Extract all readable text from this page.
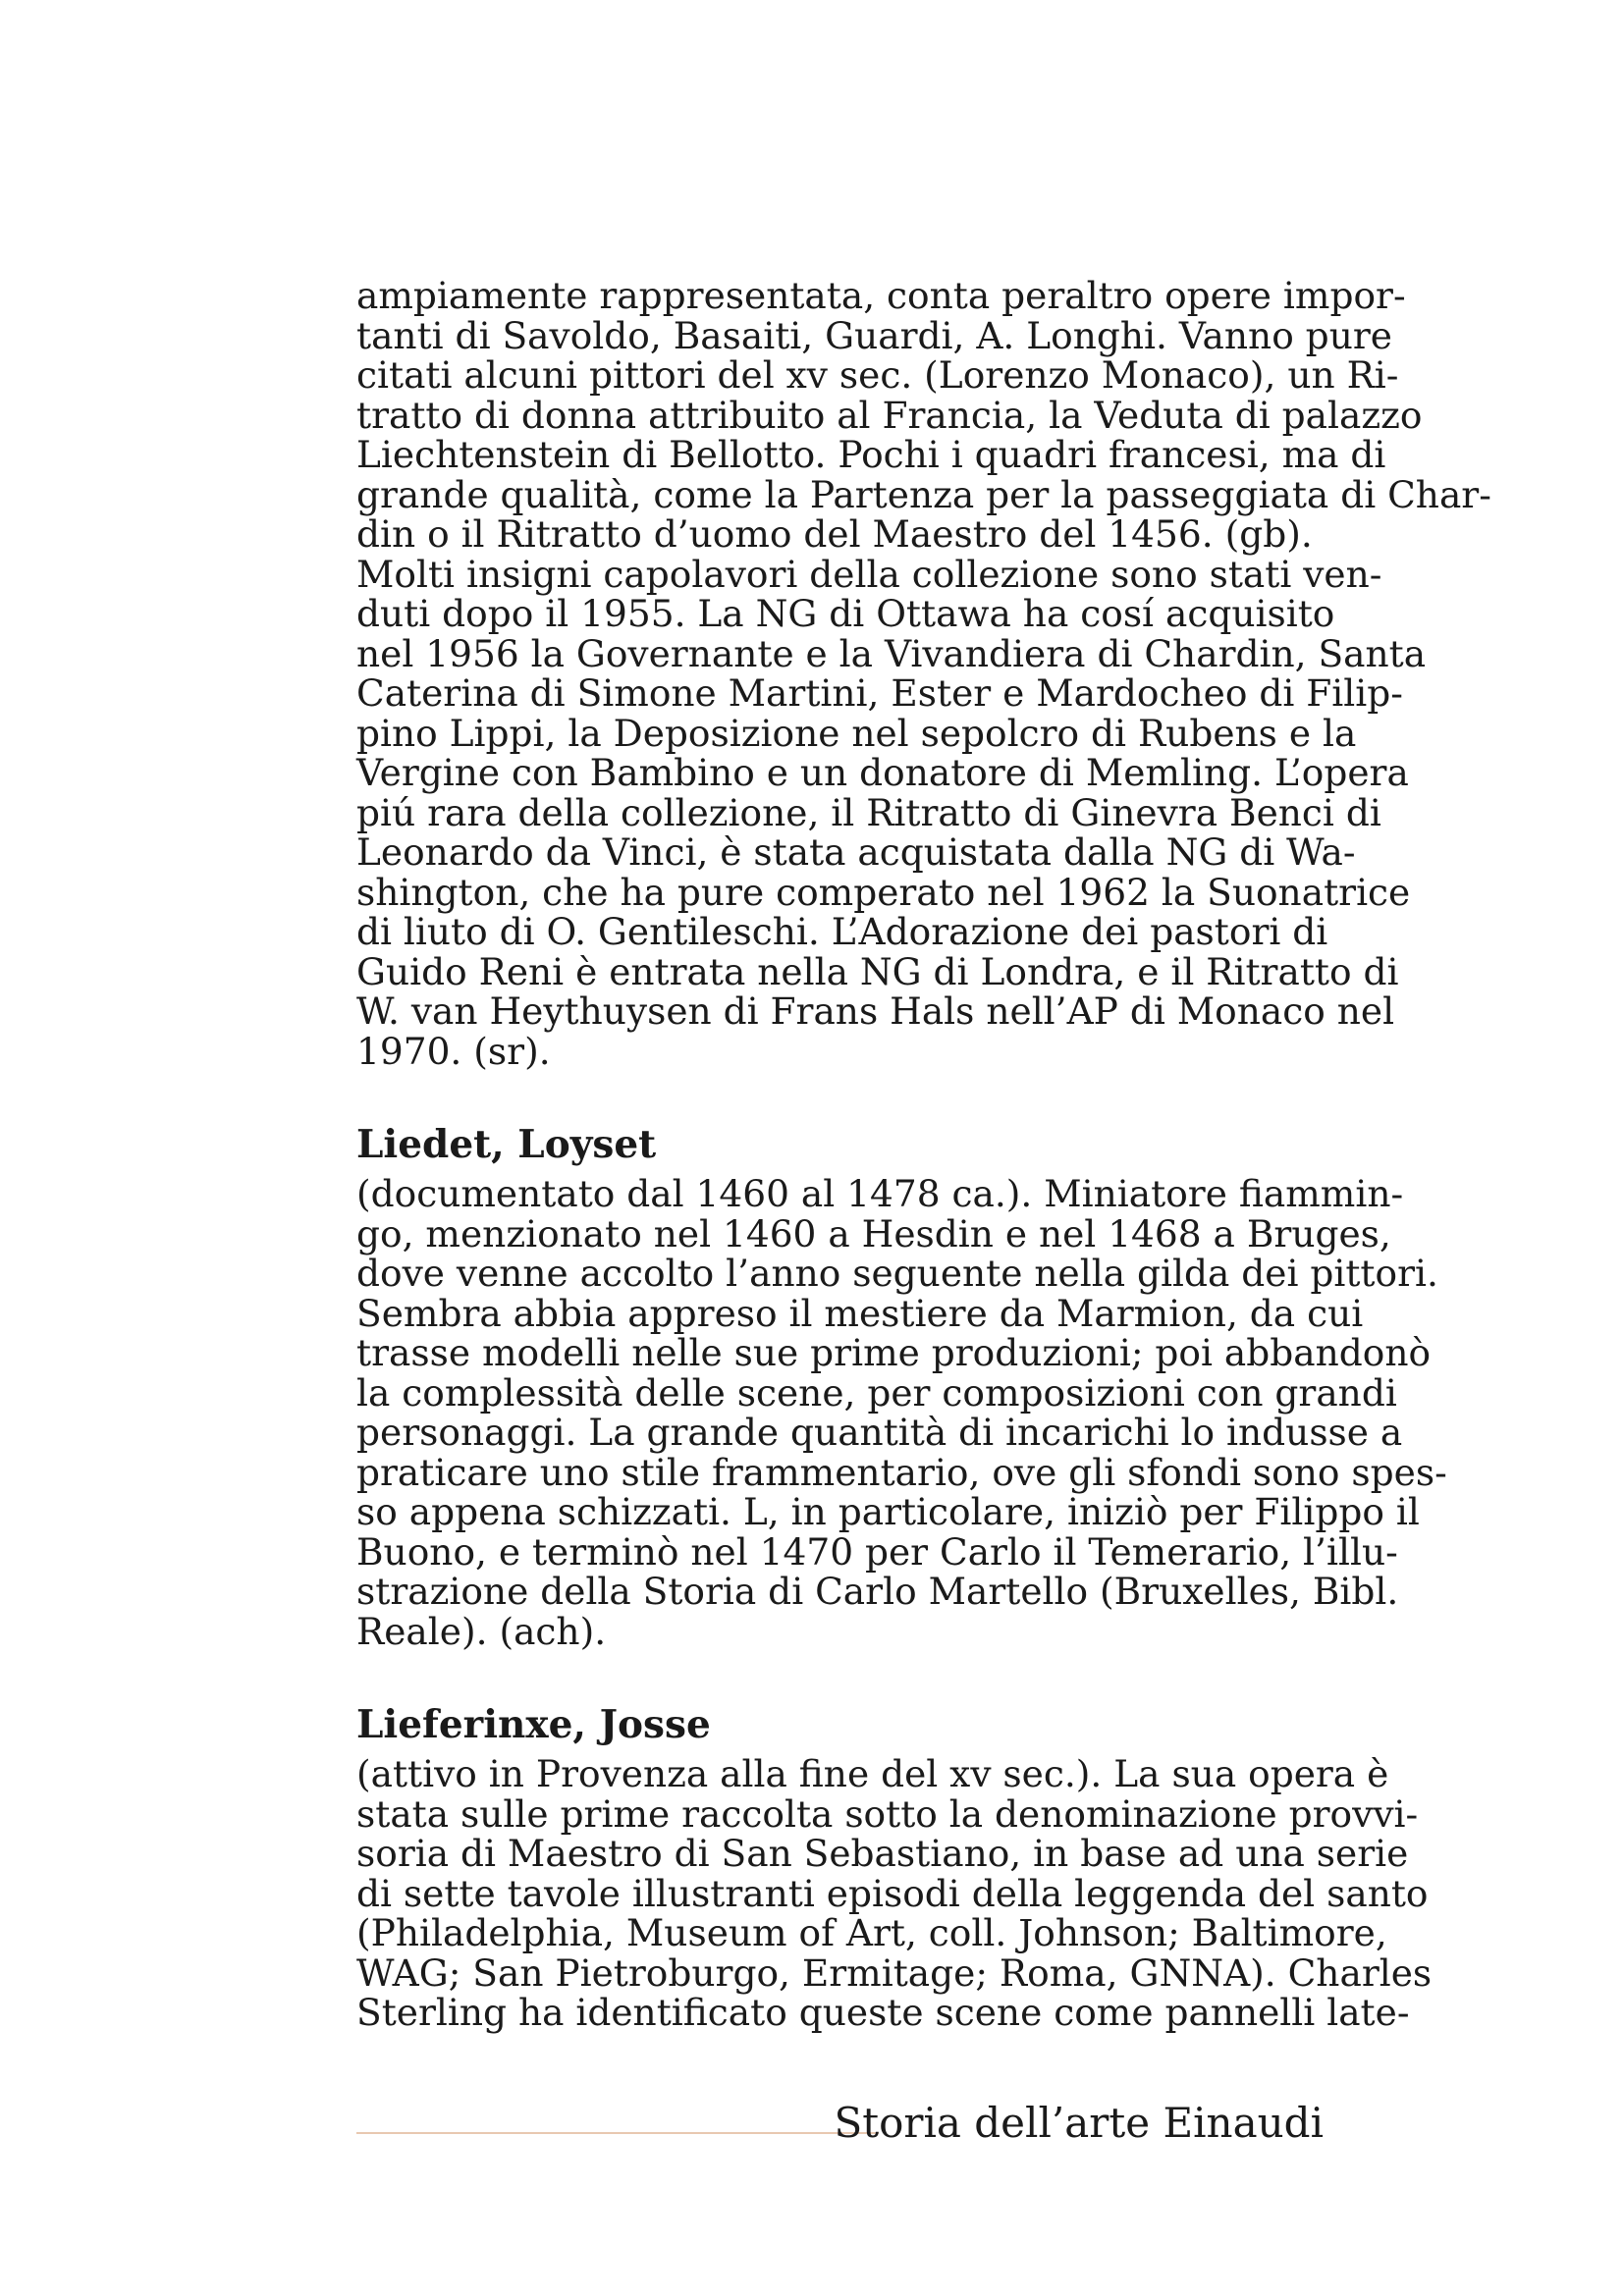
ampiamente rappresentata, conta peraltro opere impor-
tanti di Savoldo, Basaiti, Guardi, A. Longhi. Vanno pure
citati alcuni pittori del xv sec. (Lorenzo Monaco), un Ri-
tratto di donna attribuito al Francia, la Veduta di palazzo
Liechtenstein di Bellotto. Pochi i quadri francesi, ma di
grande qualità, come la Partenza per la passeggiata di Char-
din o il Ritratto d’uomo del Maestro del 1456. (gb).
Molti insigni capolavori della collezione sono stati ven-
duti dopo il 1955. La NG di Ottawa ha cosí acquisito
nel 1956 la Governante e la Vivandiera di Chardin, Santa
Caterina di Simone Martini, Ester e Mardocheo di Filip-
pino Lippi, la Deposizione nel sepolcro di Rubens e la
Vergine con Bambino e un donatore di Memling. L’opera
piú rara della collezione, il Ritratto di Ginevra Benci di
Leonardo da Vinci, è stata acquistata dalla NG di Wa-
shington, che ha pure comperato nel 1962 la Suonatrice
di liuto di O. Gentileschi. L’Adorazione dei pastori di
Guido Reni è entrata nella NG di Londra, e il Ritratto di
W. van Heythuysen di Frans Hals nell’AP di Monaco nel
1970. (sr).
Liedet, Loyset
(documentato dal 1460 al 1478 ca.). Miniatore fiammin-
go, menzionato nel 1460 a Hesdin e nel 1468 a Bruges,
dove venne accolto l’anno seguente nella gilda dei pittori.
Sembra abbia appreso il mestiere da Marmion, da cui
trasse modelli nelle sue prime produzioni; poi abbandonò
la complessità delle scene, per composizioni con grandi
personaggi. La grande quantità di incarichi lo indusse a
praticare uno stile frammentario, ove gli sfondi sono spes-
so appena schizzati. L, in particolare, iniziò per Filippo il
Buono, e terminò nel 1470 per Carlo il Temerario, l’illu-
strazione della Storia di Carlo Martello (Bruxelles, Bibl.
Reale). (ach).
Lieferinxe, Josse
(attivo in Provenza alla fine del xv sec.). La sua opera è
stata sulle prime raccolta sotto la denominazione provvi-
soria di Maestro di San Sebastiano, in base ad una serie
di sette tavole illustranti episodi della leggenda del santo
(Philadelphia, Museum of Art, coll. Johnson; Baltimore,
WAG; San Pietroburgo, Ermitage; Roma, GNNA). Charles
Sterling ha identificato queste scene come pannelli late-
Storia dell’arte Einaudi
